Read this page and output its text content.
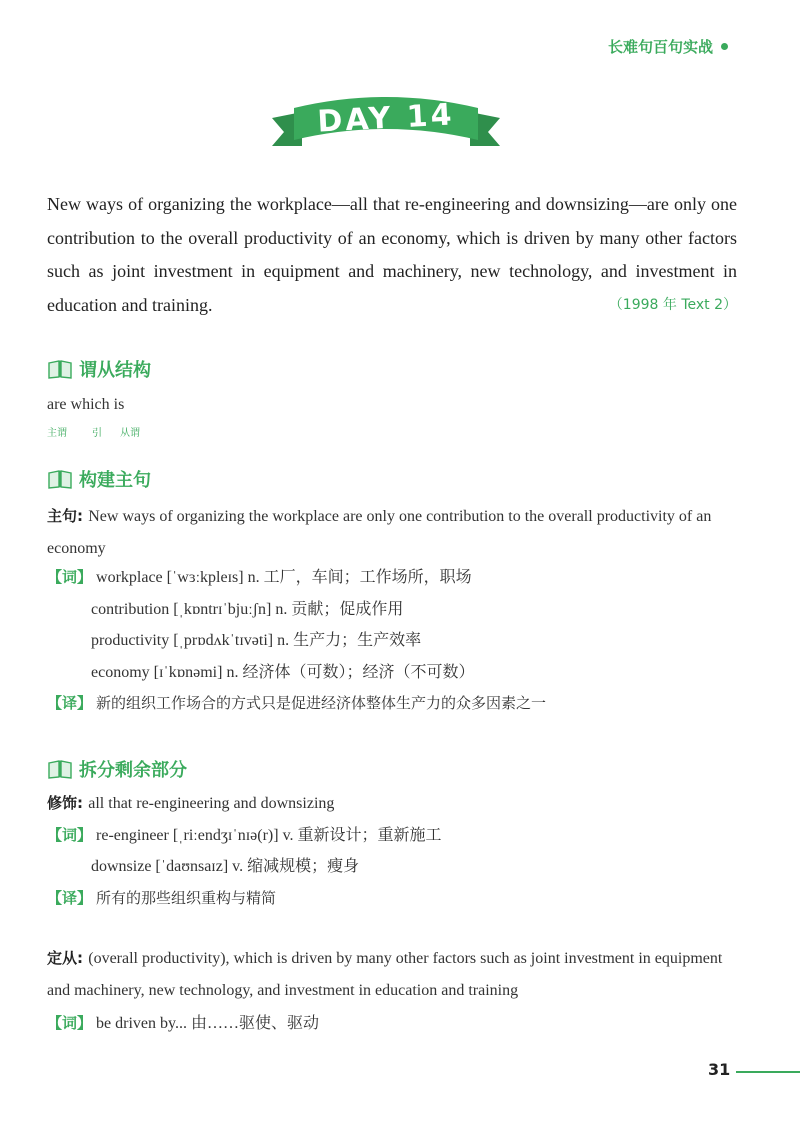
长难句百句实战
DAY 14
New ways of organizing the workplace—all that re-engineering and downsizing—are only one contribution to the overall productivity of an economy, which is driven by many other factors such as joint investment in equipment and machinery, new technology, and investment in education and training.	（1998 年 Text 2）
谓从结构
are which is
主谓	引 从谓
构建主句
主句: New ways of organizing the workplace are only one contribution to the overall productivity of an economy
【词】 workplace [ˈwɜːkpleɪs] n. 工厂，车间；工作场所，职场
contribution [ˌkɒntrɪˈbjuːʃn] n. 贡献；促成作用
productivity [ˌprɒdʌkˈtɪvəti] n. 生产力；生产效率
economy [ɪˈkɒnəmi] n. 经济体（可数）；经济（不可数）
【译】 新的组织工作场合的方式只是促进经济体整体生产力的众多因素之一
拆分剩余部分
修饰: all that re-engineering and downsizing
【词】 re-engineer [ˌriːendʒɪˈnɪə(r)] v. 重新设计；重新施工
downsize [ˈdaʊnsaɪz] v. 缩减规模；瘦身
【译】 所有的那些组织重构与精简
定从: (overall productivity), which is driven by many other factors such as joint investment in equipment and machinery, new technology, and investment in education and training
【词】 be driven by... 由……驱使、驱动
31
